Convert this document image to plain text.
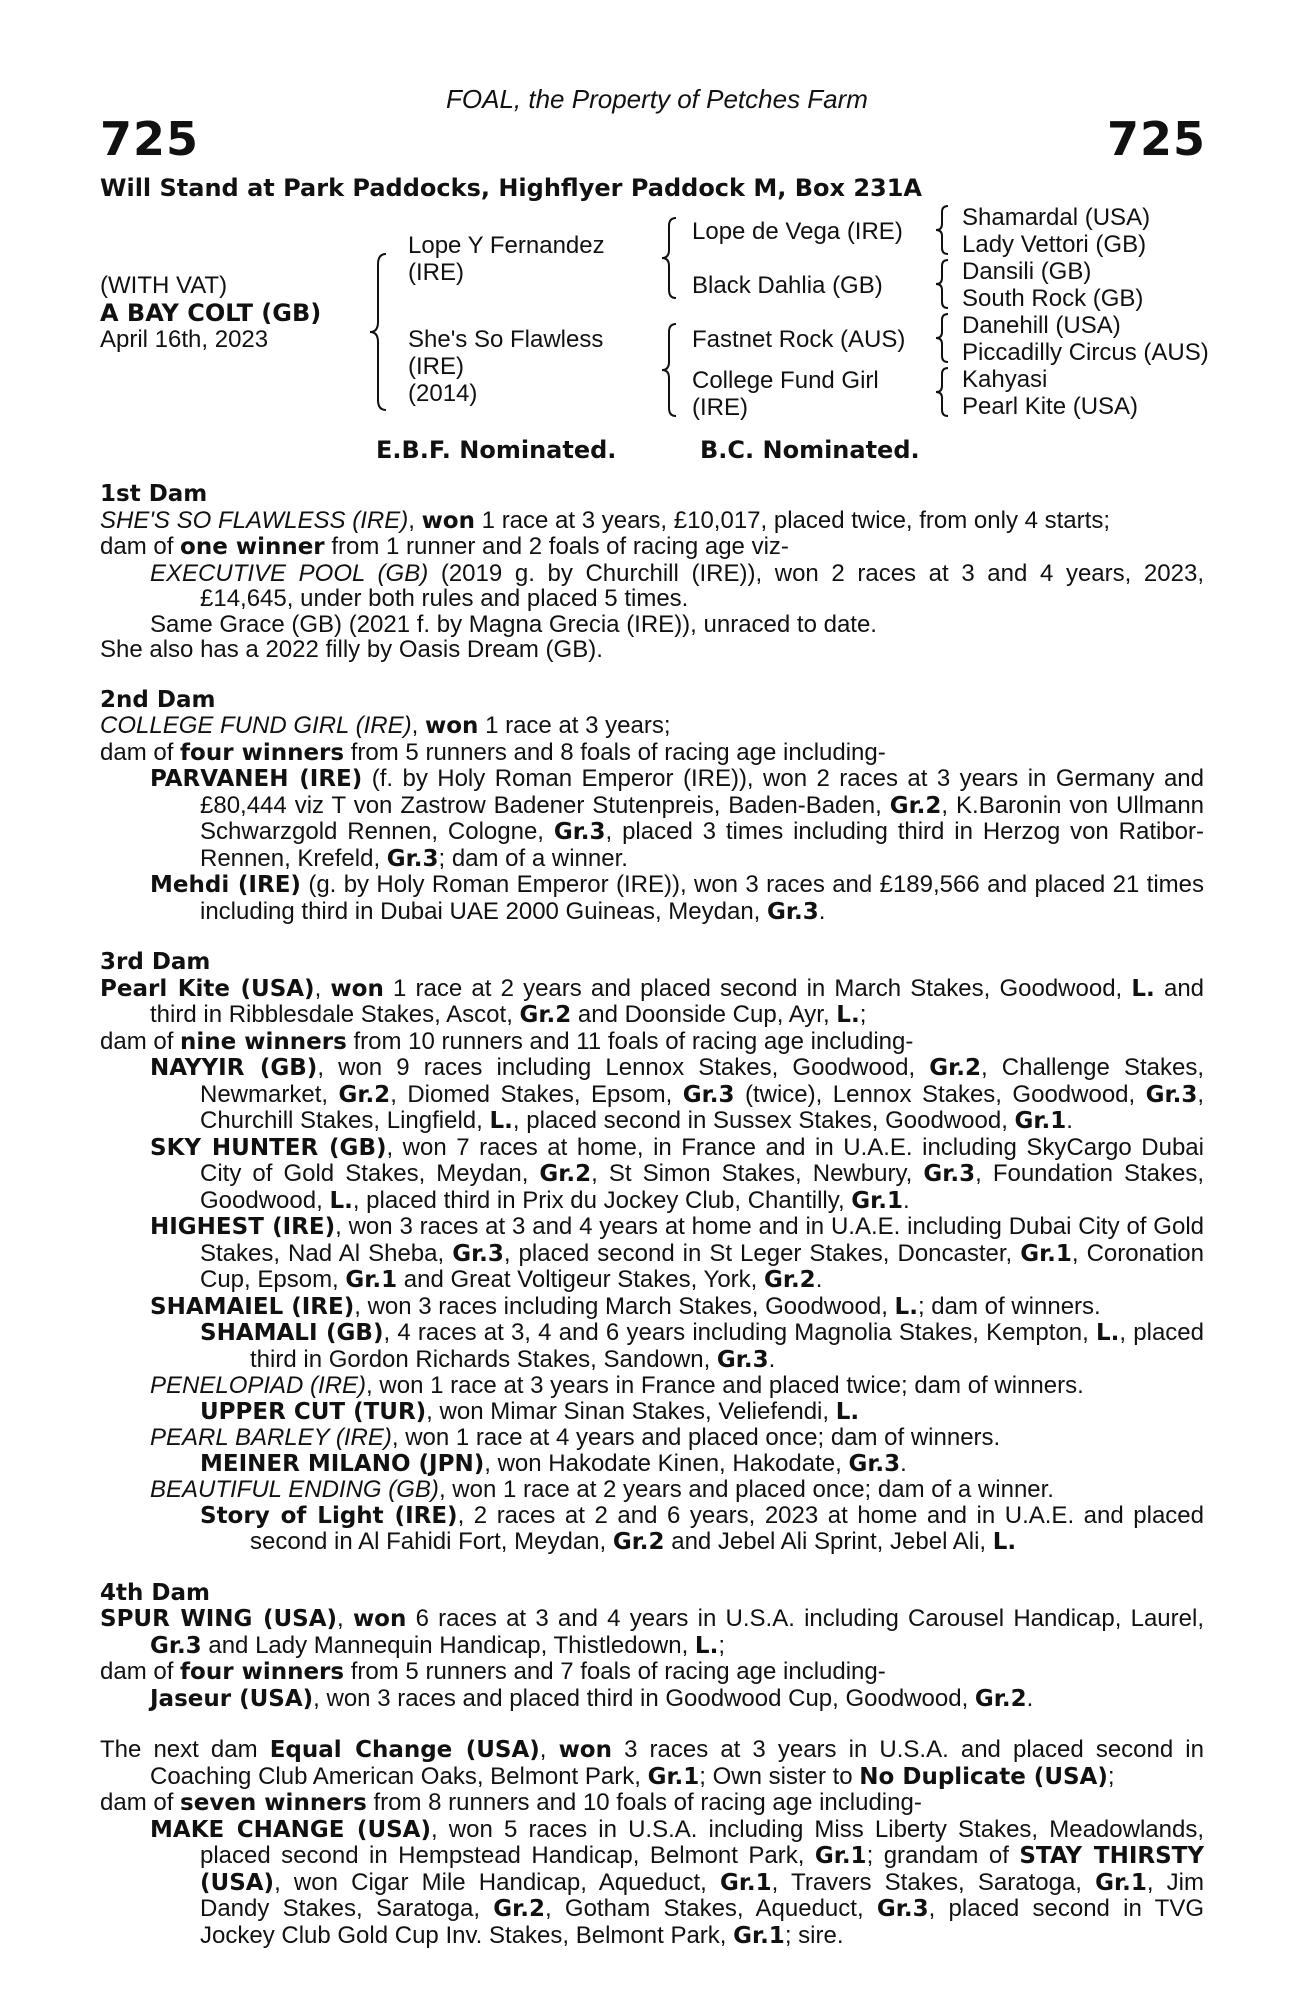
FOAL, the Property of Petches Farm
725	725
Will Stand at Park Paddocks, Highflyer Paddock M, Box 231A
(WITH VAT)
A BAY COLT (GB)
April 16th, 2023
Lope Y Fernandez (IRE)
She's So Flawless
(IRE)
(2014)
Lope de Vega (IRE)
Black Dahlia (GB)
Fastnet Rock (AUS)
College Fund Girl
(IRE)
Shamardal (USA)
Lady Vettori (GB)
Dansili (GB)
South Rock (GB)
Danehill (USA)
Piccadilly Circus (AUS)
Kahyasi
Pearl Kite (USA)
E.B.F. Nominated.	B.C. Nominated.

1st Dam

SHE'S SO FLAWLESS (IRE), won 1 race at 3 years, £10,017, placed twice, from only 4 starts;

dam of one winner from 1 runner and 2 foals of racing age viz-

EXECUTIVE POOL (GB) (2019 g. by Churchill (IRE)), won 2 races at 3 and 4 years, 2023, £14,645, under both rules and placed 5 times.

Same Grace (GB) (2021 f. by Magna Grecia (IRE)), unraced to date.

She also has a 2022 filly by Oasis Dream (GB).

2nd Dam

COLLEGE FUND GIRL (IRE), won 1 race at 3 years;

dam of four winners from 5 runners and 8 foals of racing age including-

PARVANEH (IRE) (f. by Holy Roman Emperor (IRE)), won 2 races at 3 years in Germany and £80,444 viz T von Zastrow Badener Stutenpreis, Baden-Baden, Gr.2, K.Baronin von Ullmann Schwarzgold Rennen, Cologne, Gr.3, placed 3 times including third in Herzog von Ratibor-Rennen, Krefeld, Gr.3; dam of a winner.

Mehdi (IRE) (g. by Holy Roman Emperor (IRE)), won 3 races and £189,566 and placed 21 times including third in Dubai UAE 2000 Guineas, Meydan, Gr.3.

3rd Dam

Pearl Kite (USA), won 1 race at 2 years and placed second in March Stakes, Goodwood, L. and third in Ribblesdale Stakes, Ascot, Gr.2 and Doonside Cup, Ayr, L.;

dam of nine winners from 10 runners and 11 foals of racing age including-

NAYYIR (GB), won 9 races including Lennox Stakes, Goodwood, Gr.2, Challenge Stakes, Newmarket, Gr.2, Diomed Stakes, Epsom, Gr.3 (twice), Lennox Stakes, Goodwood, Gr.3, Churchill Stakes, Lingfield, L., placed second in Sussex Stakes, Goodwood, Gr.1.

SKY HUNTER (GB), won 7 races at home, in France and in U.A.E. including SkyCargo Dubai City of Gold Stakes, Meydan, Gr.2, St Simon Stakes, Newbury, Gr.3, Foundation Stakes, Goodwood, L., placed third in Prix du Jockey Club, Chantilly, Gr.1.

HIGHEST (IRE), won 3 races at 3 and 4 years at home and in U.A.E. including Dubai City of Gold Stakes, Nad Al Sheba, Gr.3, placed second in St Leger Stakes, Doncaster, Gr.1, Coronation Cup, Epsom, Gr.1 and Great Voltigeur Stakes, York, Gr.2.

SHAMAIEL (IRE), won 3 races including March Stakes, Goodwood, L.; dam of winners.

SHAMALI (GB), 4 races at 3, 4 and 6 years including Magnolia Stakes, Kempton, L., placed third in Gordon Richards Stakes, Sandown, Gr.3.

PENELOPIAD (IRE), won 1 race at 3 years in France and placed twice; dam of winners.

UPPER CUT (TUR), won Mimar Sinan Stakes, Veliefendi, L.

PEARL BARLEY (IRE), won 1 race at 4 years and placed once; dam of winners.

MEINER MILANO (JPN), won Hakodate Kinen, Hakodate, Gr.3.

BEAUTIFUL ENDING (GB), won 1 race at 2 years and placed once; dam of a winner.

Story of Light (IRE), 2 races at 2 and 6 years, 2023 at home and in U.A.E. and placed second in Al Fahidi Fort, Meydan, Gr.2 and Jebel Ali Sprint, Jebel Ali, L.

4th Dam

SPUR WING (USA), won 6 races at 3 and 4 years in U.S.A. including Carousel Handicap, Laurel, Gr.3 and Lady Mannequin Handicap, Thistledown, L.;

dam of four winners from 5 runners and 7 foals of racing age including-

Jaseur (USA), won 3 races and placed third in Goodwood Cup, Goodwood, Gr.2.

The next dam Equal Change (USA), won 3 races at 3 years in U.S.A. and placed second in Coaching Club American Oaks, Belmont Park, Gr.1; Own sister to No Duplicate (USA);

dam of seven winners from 8 runners and 10 foals of racing age including-

MAKE CHANGE (USA), won 5 races in U.S.A. including Miss Liberty Stakes, Meadowlands, placed second in Hempstead Handicap, Belmont Park, Gr.1; grandam of STAY THIRSTY (USA), won Cigar Mile Handicap, Aqueduct, Gr.1, Travers Stakes, Saratoga, Gr.1, Jim Dandy Stakes, Saratoga, Gr.2, Gotham Stakes, Aqueduct, Gr.3, placed second in TVG Jockey Club Gold Cup Inv. Stakes, Belmont Park, Gr.1; sire.
